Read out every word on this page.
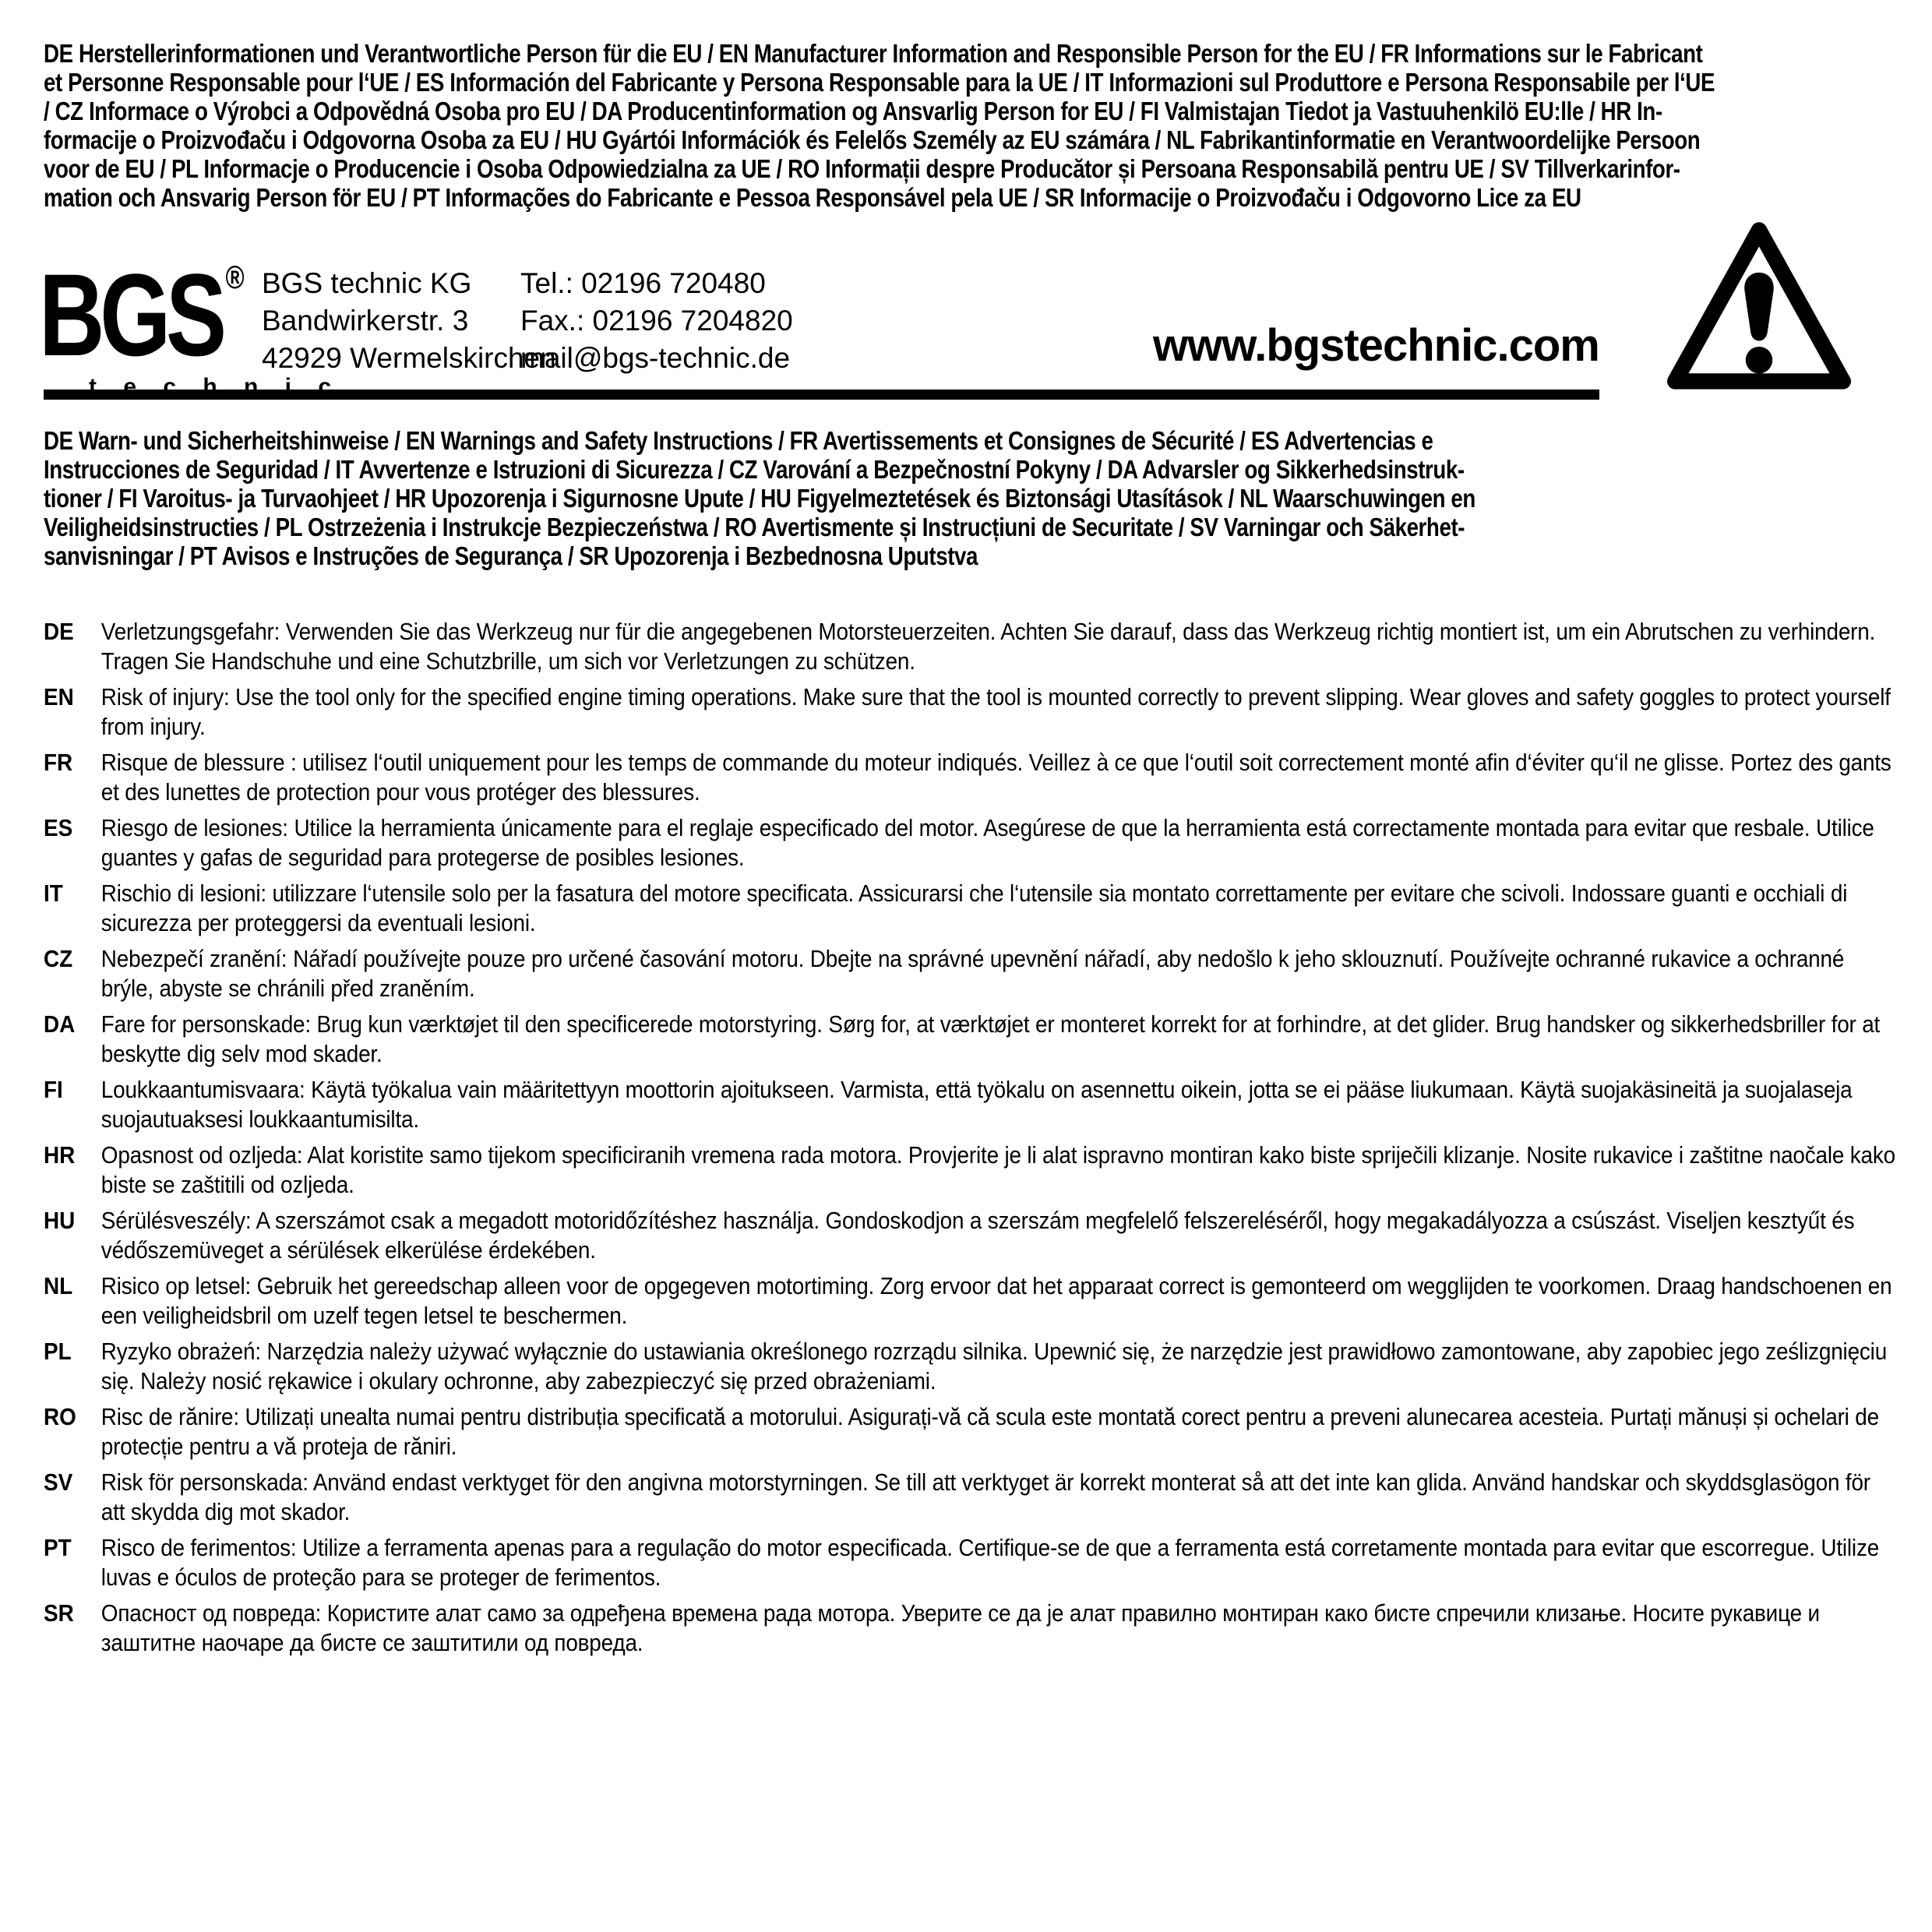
DE Herstellerinformationen und Verantwortliche Person für die EU / EN Manufacturer Information and Responsible Person for the EU / FR Informations sur le Fabricant
et Personne Responsable pour l‘UE / ES Información del Fabricante y Persona Responsable para la UE / IT Informazioni sul Produttore e Persona Responsabile per l‘UE
/ CZ Informace o Výrobci a Odpovědná Osoba pro EU / DA Producentinformation og Ansvarlig Person for EU / FI Valmistajan Tiedot ja Vastuuhenkilö EU:lle / HR In-
formacije o Proizvođaču i Odgovorna Osoba za EU / HU Gyártói Információk és Felelős Személy az EU számára / NL Fabrikantinformatie en Verantwoordelijke Persoon
voor de EU / PL Informacje o Producencie i Osoba Odpowiedzialna za UE / RO Informații despre Producător și Persoana Responsabilă pentru UE / SV Tillverkarinfor-
mation och Ansvarig Person för EU / PT Informações do Fabricante e Pessoa Responsável pela UE / SR Informacije o Proizvođaču i Odgovorno Lice za EU
BGS ®
t e c h n i c
BGS technic KG
Bandwirkerstr. 3
42929 Wermelskirchen
Tel.: 02196 720480
Fax.: 02196 7204820
mail@bgs-technic.de	www.bgstechnic.com
DE Warn- und Sicherheitshinweise / EN Warnings and Safety Instructions / FR Avertissements et Consignes de Sécurité / ES Advertencias e
Instrucciones de Seguridad / IT Avvertenze e Istruzioni di Sicurezza / CZ Varování a Bezpečnostní Pokyny / DA Advarsler og Sikkerhedsinstruk-
tioner / FI Varoitus- ja Turvaohjeet / HR Upozorenja i Sigurnosne Upute / HU Figyelmeztetések és Biztonsági Utasítások / NL Waarschuwingen en
Veiligheidsinstructies / PL Ostrzeżenia i Instrukcje Bezpieczeństwa / RO Avertismente și Instrucțiuni de Securitate / SV Varningar och Säkerhet-
sanvisningar / PT Avisos e Instruções de Segurança / SR Upozorenja i Bezbednosna Uputstva
DE	Verletzungsgefahr: Verwenden Sie das Werkzeug nur für die angegebenen Motorsteuerzeiten. Achten Sie darauf, dass das Werkzeug richtig montiert ist, um ein Abrutschen zu verhindern. Tragen Sie Handschuhe und eine Schutzbrille, um sich vor Verletzungen zu schützen.
EN	Risk of injury: Use the tool only for the specified engine timing operations. Make sure that the tool is mounted correctly to prevent slipping. Wear gloves and safety goggles to protect yourself from injury.
FR	Risque de blessure : utilisez l‘outil uniquement pour les temps de commande du moteur indiqués. Veillez à ce que l‘outil soit correctement monté afin d‘éviter qu‘il ne glisse. Portez des gants et des lunettes de protection pour vous protéger des blessures.
ES	Riesgo de lesiones: Utilice la herramienta únicamente para el reglaje especificado del motor. Asegúrese de que la herramienta está correctamente montada para evitar que resbale. Utilice guantes y gafas de seguridad para protegerse de posibles lesiones.
IT	Rischio di lesioni: utilizzare l‘utensile solo per la fasatura del motore specificata. Assicurarsi che l‘utensile sia montato correttamente per evitare che scivoli. Indossare guanti e occhiali di sicurezza per proteggersi da eventuali lesioni.
CZ	Nebezpečí zranění: Nářadí používejte pouze pro určené časování motoru. Dbejte na správné upevnění nářadí, aby nedošlo k jeho sklouznutí. Používejte ochranné rukavice a ochranné brýle, abyste se chránili před zraněním.
DA	Fare for personskade: Brug kun værktøjet til den specificerede motorstyring. Sørg for, at værktøjet er monteret korrekt for at forhindre, at det glider. Brug handsker og sikkerhedsbriller for at beskytte dig selv mod skader.
FI	Loukkaantumisvaara: Käytä työkalua vain määritettyyn moottorin ajoitukseen. Varmista, että työkalu on asennettu oikein, jotta se ei pääse liukumaan. Käytä suojakäsineitä ja suojalaseja suojautuaksesi loukkaantumisilta.
HR	Opasnost od ozljeda: Alat koristite samo tijekom specificiranih vremena rada motora. Provjerite je li alat ispravno montiran kako biste spriječili klizanje. Nosite rukavice i zaštitne naočale kako biste se zaštitili od ozljeda.
HU	Sérülésveszély: A szerszámot csak a megadott motoridőzítéshez használja. Gondoskodjon a szerszám megfelelő felszereléséről, hogy megakadályozza a csúszást. Viseljen kesztyűt és védőszemüveget a sérülések elkerülése érdekében.
NL	Risico op letsel: Gebruik het gereedschap alleen voor de opgegeven motortiming. Zorg ervoor dat het apparaat correct is gemonteerd om wegglijden te voorkomen. Draag handschoenen en een veiligheidsbril om uzelf tegen letsel te beschermen.
PL	Ryzyko obrażeń: Narzędzia należy używać wyłącznie do ustawiania określonego rozrządu silnika. Upewnić się, że narzędzie jest prawidłowo zamontowane, aby zapobiec jego ześlizgnięciu się. Należy nosić rękawice i okulary ochronne, aby zabezpieczyć się przed obrażeniami.
RO	Risc de rănire: Utilizați unealta numai pentru distribuția specificată a motorului. Asigurați-vă că scula este montată corect pentru a preveni alunecarea acesteia. Purtați mănuși și ochelari de protecție pentru a vă proteja de răniri.
SV	Risk för personskada: Använd endast verktyget för den angivna motorstyrningen. Se till att verktyget är korrekt monterat så att det inte kan glida. Använd handskar och skyddsglasögon för att skydda dig mot skador.
PT	Risco de ferimentos: Utilize a ferramenta apenas para a regulação do motor especificada. Certifique-se de que a ferramenta está corretamente montada para evitar que escorregue. Utilize luvas e óculos de proteção para se proteger de ferimentos.
SR	Опасност од повреда: Користите алат само за одређена времена рада мотора. Уверите се да је алат правилно монтиран како бисте спречили клизање. Носите рукавице и заштитне наочаре да бисте се заштитили од повреда.
